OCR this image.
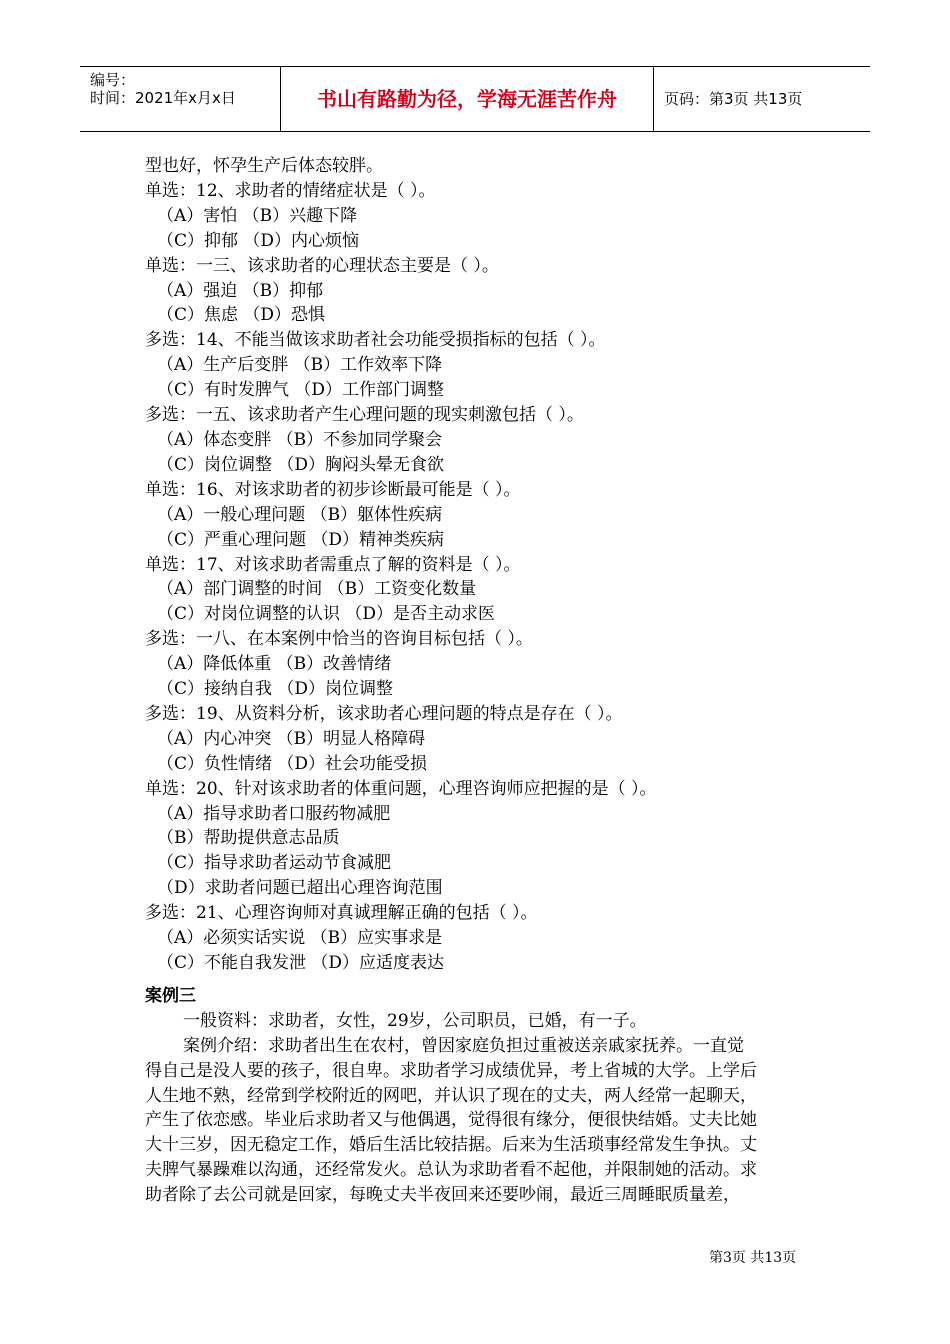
编号：
时间：2021年x月x日	书山有路勤为径，学海无涯苦作舟	页码：第3页 共13页
型也好，怀孕生产后体态较胖。
单选：12、求助者的情绪症状是（ ）。
（A）害怕 （B）兴趣下降
（C）抑郁 （D）内心烦恼
单选：一三、该求助者的心理状态主要是（ ）。
（A）强迫 （B）抑郁
（C）焦虑 （D）恐惧
多选：14、不能当做该求助者社会功能受损指标的包括（ ）。
（A）生产后变胖 （B）工作效率下降
（C）有时发脾气 （D）工作部门调整
多选：一五、该求助者产生心理问题的现实刺激包括（ ）。
（A）体态变胖 （B）不参加同学聚会
（C）岗位调整 （D）胸闷头晕无食欲
单选：16、对该求助者的初步诊断最可能是（ ）。
（A）一般心理问题 （B）躯体性疾病
（C）严重心理问题 （D）精神类疾病
单选：17、对该求助者需重点了解的资料是（ ）。
（A）部门调整的时间 （B）工资变化数量
（C）对岗位调整的认识 （D）是否主动求医
多选：一八、在本案例中恰当的咨询目标包括（ ）。
（A）降低体重 （B）改善情绪
（C）接纳自我 （D）岗位调整
多选：19、从资料分析，该求助者心理问题的特点是存在（ ）。
（A）内心冲突 （B）明显人格障碍
（C）负性情绪 （D）社会功能受损
单选：20、针对该求助者的体重问题，心理咨询师应把握的是（ ）。
（A）指导求助者口服药物减肥
（B）帮助提供意志品质
（C）指导求助者运动节食减肥
（D）求助者问题已超出心理咨询范围
多选：21、心理咨询师对真诚理解正确的包括（ ）。
（A）必须实话实说 （B）应实事求是
（C）不能自我发泄 （D）应适度表达
案例三
一般资料：求助者，女性，29岁，公司职员，已婚，有一子。
案例介绍：求助者出生在农村，曾因家庭负担过重被送亲戚家抚养。一直觉
得自己是没人要的孩子，很自卑。求助者学习成绩优异，考上省城的大学。上学后
人生地不熟，经常到学校附近的网吧，并认识了现在的丈夫，两人经常一起聊天，
产生了依恋感。毕业后求助者又与他偶遇，觉得很有缘分，便很快结婚。丈夫比她
大十三岁，因无稳定工作，婚后生活比较拮据。后来为生活琐事经常发生争执。丈
夫脾气暴躁难以沟通，还经常发火。总认为求助者看不起他，并限制她的活动。求
助者除了去公司就是回家，每晚丈夫半夜回来还要吵闹，最近三周睡眠质量差，
第3页 共13页
